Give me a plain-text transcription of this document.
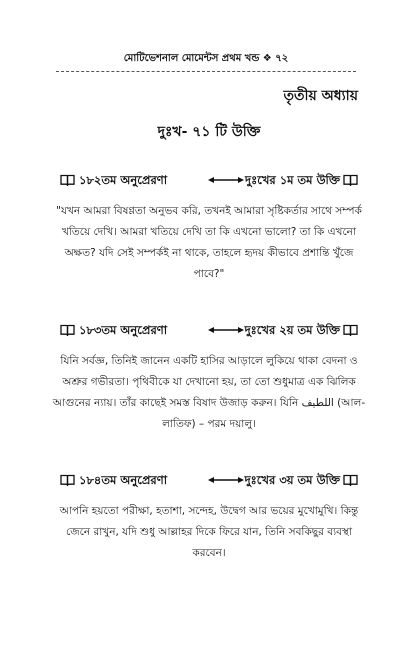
মোটিভেশনাল মোমেন্টস প্রথম খন্ড ❖ ৭২
তৃতীয় অধ্যায়
দুঃখ- ৭১ টি উক্তি
১৮২তম অনুপ্রেরণা	দুঃখের ১ম তম উক্তি
"যখন আমরা বিষণ্ণতা অনুভব করি, তখনই আমারা সৃষ্টিকর্তার সাথে সম্পর্ক খতিয়ে দেখি। আমরা খতিয়ে দেখি তা কি এখনো ভালো? তা কি এখনো অক্ষত? যদি সেই সম্পর্কই না থাকে, তাহলে হৃদয় কীভাবে প্রশান্তি খুঁজে পাবে?"
১৮৩তম অনুপ্রেরণা	দুঃখের ২য় তম উক্তি
যিনি সর্বজ্ঞ, তিনিই জানেন একটি হাসির আড়ালে লুকিয়ে থাকা বেদনা ও অশ্রুর গভীরতা। পৃথিবীকে যা দেখানো হয়, তা তো শুধুমাত্র এক ঝিলিক আগুনের ন্যায়। তাঁর কাছেই সমস্ত বিষাদ উজাড় করুন। যিনি اللطيف (আল-লাতিফ) – পরম দয়ালু।
১৮৪তম অনুপ্রেরণা	দুঃখের ৩য় তম উক্তি
আপনি হয়তো পরীক্ষা, হতাশা, সন্দেহ, উদ্বেগ আর ভয়ের মুখোমুখি। কিন্তু জেনে রাখুন, যদি শুধু আল্লাহর দিকে ফিরে যান, তিনি সবকিছুর ব্যবস্থা করবেন।
